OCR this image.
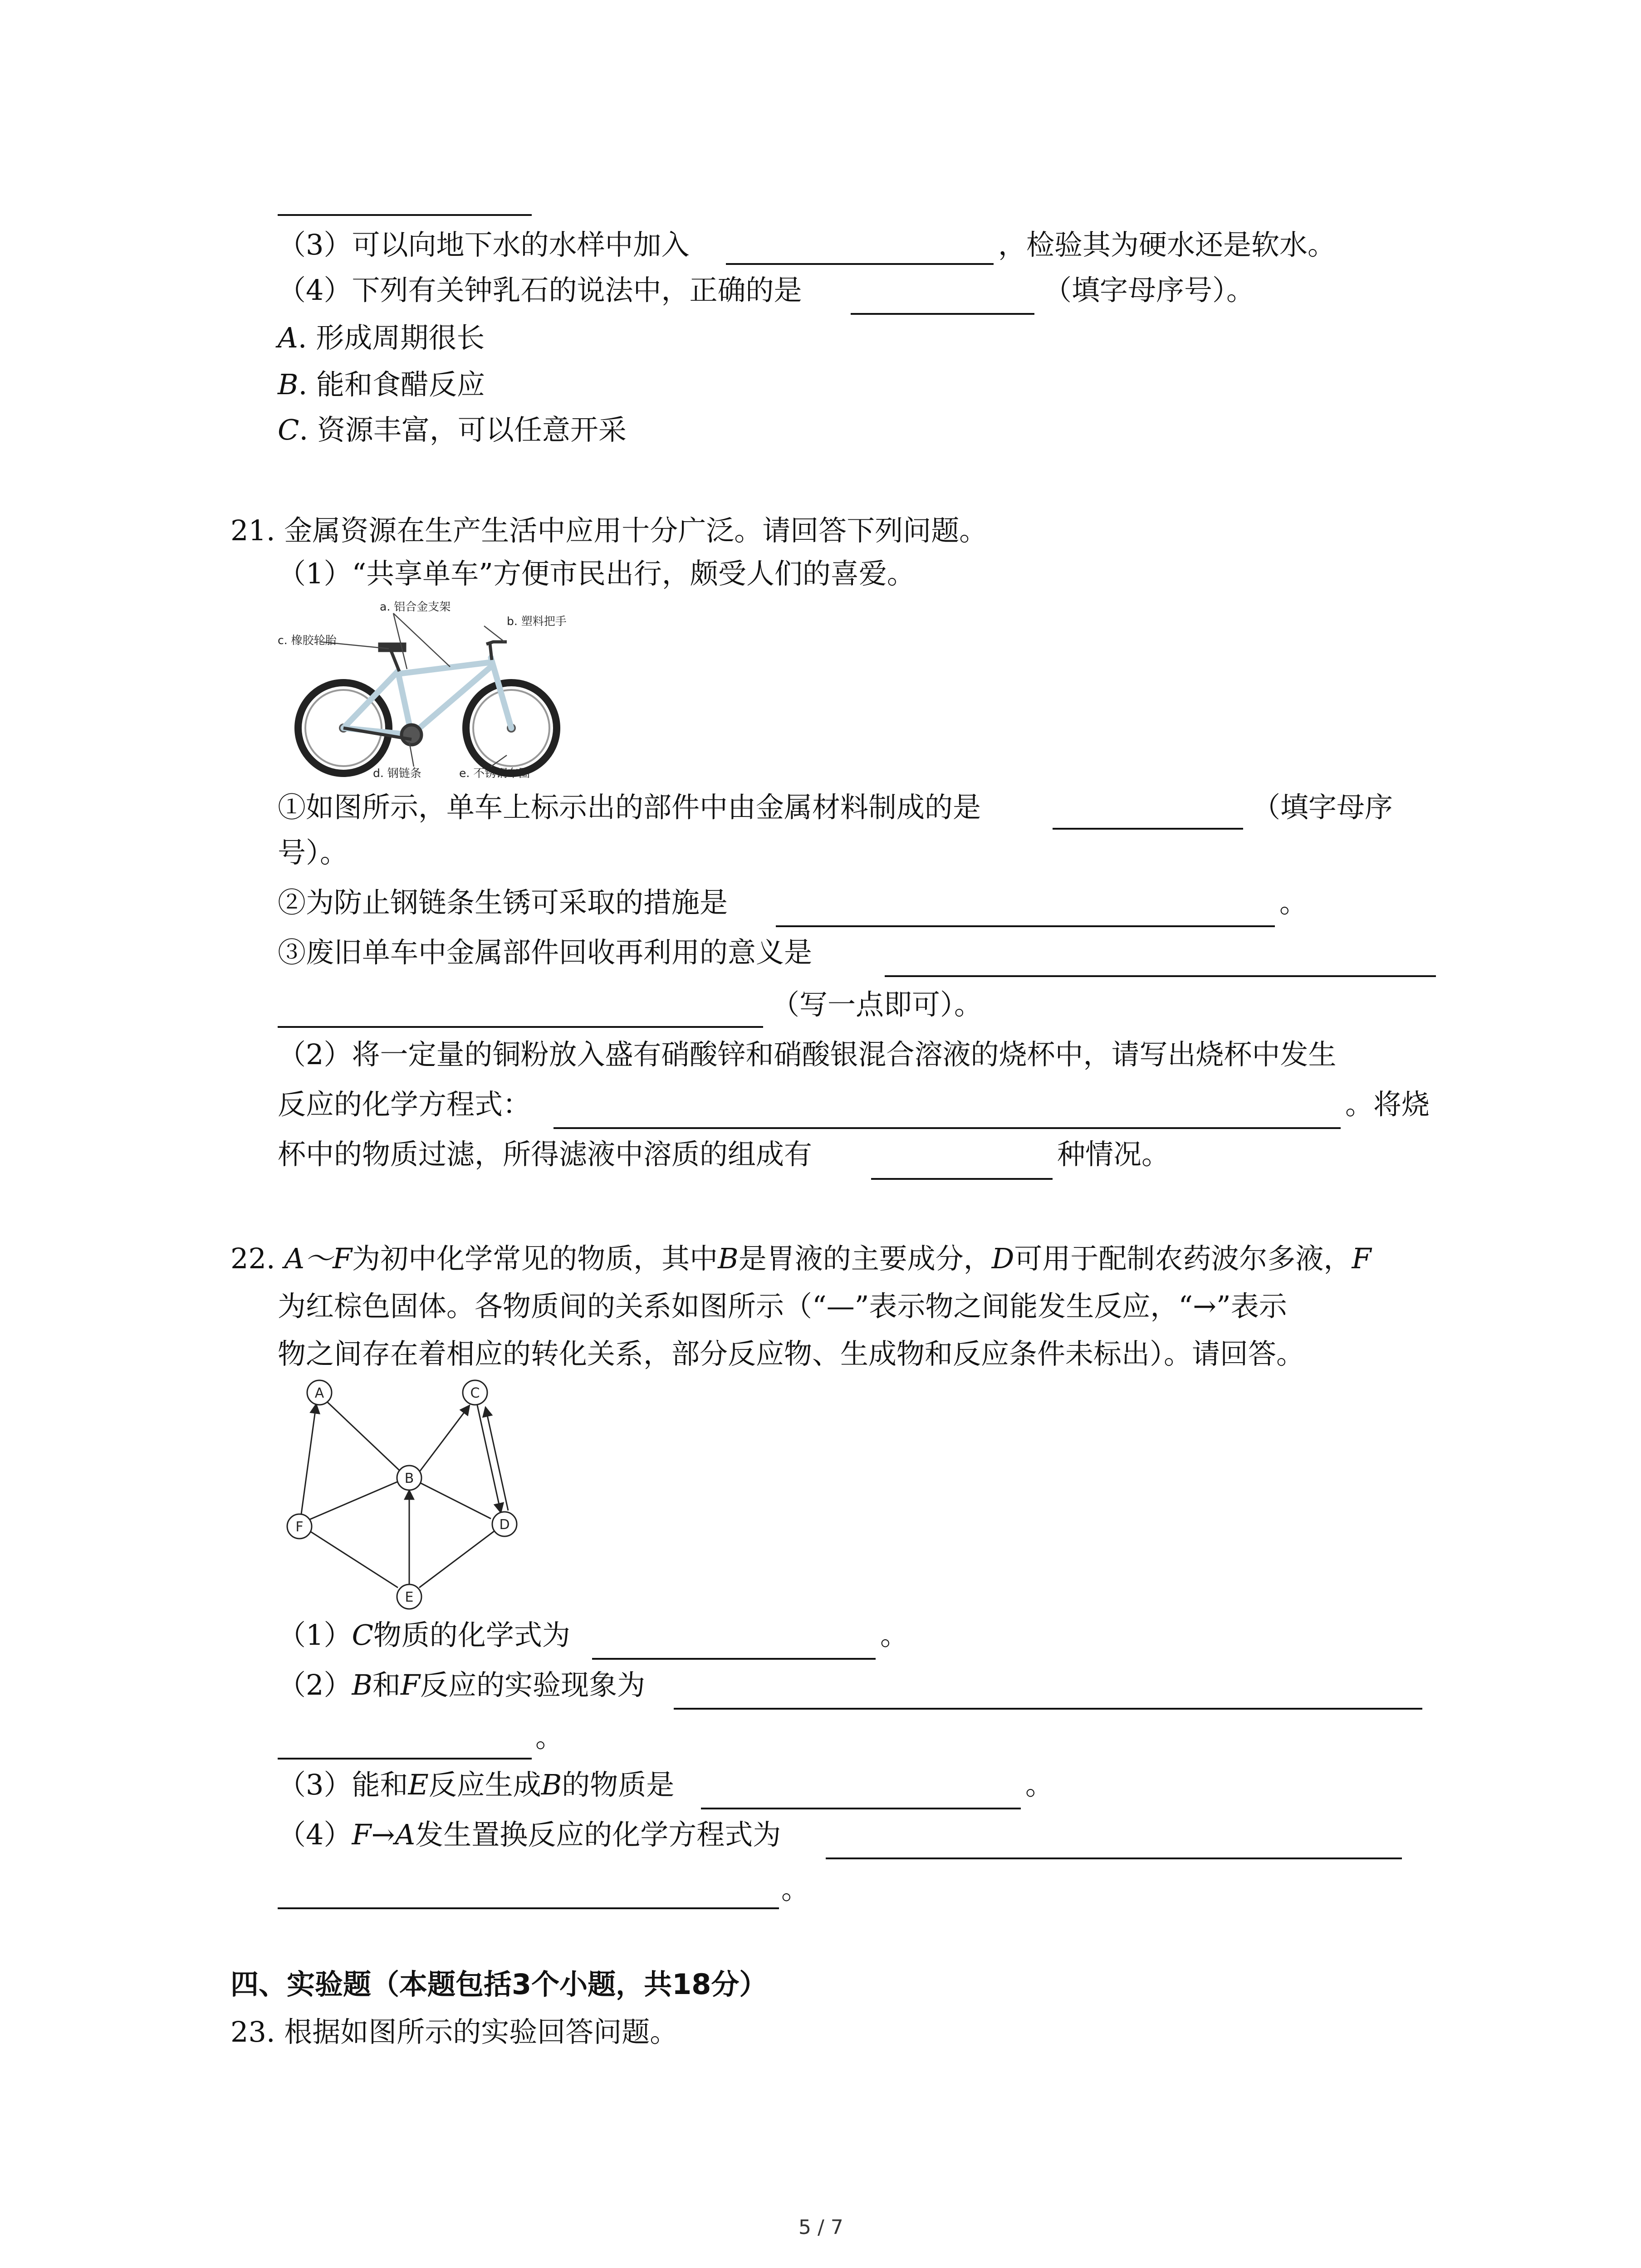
（3）可以向地下水的水样中加入	，检验其为硬水还是软水。
（4）下列有关钟乳石的说法中，正确的是	（填字母序号）。
A. 形成周期很长
B. 能和食醋反应
C. 资源丰富，可以任意开采
21. 金属资源在生产生活中应用十分广泛。请回答下列问题。
（1）“共享单车”方便市民出行，颇受人们的喜爱。
a. 铝合金支架
b. 塑料把手
c. 橡胶轮胎
d. 钢链条	e. 不锈钢车圈
①如图所示，单车上标示出的部件中由金属材料制成的是	（填字母序
号）。
②为防止钢链条生锈可采取的措施是	。
③废旧单车中金属部件回收再利用的意义是
（写一点即可）。
（2）将一定量的铜粉放入盛有硝酸锌和硝酸银混合溶液的烧杯中，请写出烧杯中发生
反应的化学方程式：	。将烧
杯中的物质过滤，所得滤液中溶质的组成有	种情况。
22. A～F为初中化学常见的物质，其中B是胃液的主要成分，D可用于配制农药波尔多液，F
为红棕色固体。各物质间的关系如图所示（“—”表示物之间能发生反应，“→”表示
物之间存在着相应的转化关系，部分反应物、生成物和反应条件未标出）。请回答。
A
B
C
D
E
F
（1）C物质的化学式为	。
（2）B和F反应的实验现象为
。
（3）能和E反应生成B的物质是	。
（4）F→A发生置换反应的化学方程式为
。
四、实验题（本题包括3个小题，共18分）
23. 根据如图所示的实验回答问题。
5 / 7
